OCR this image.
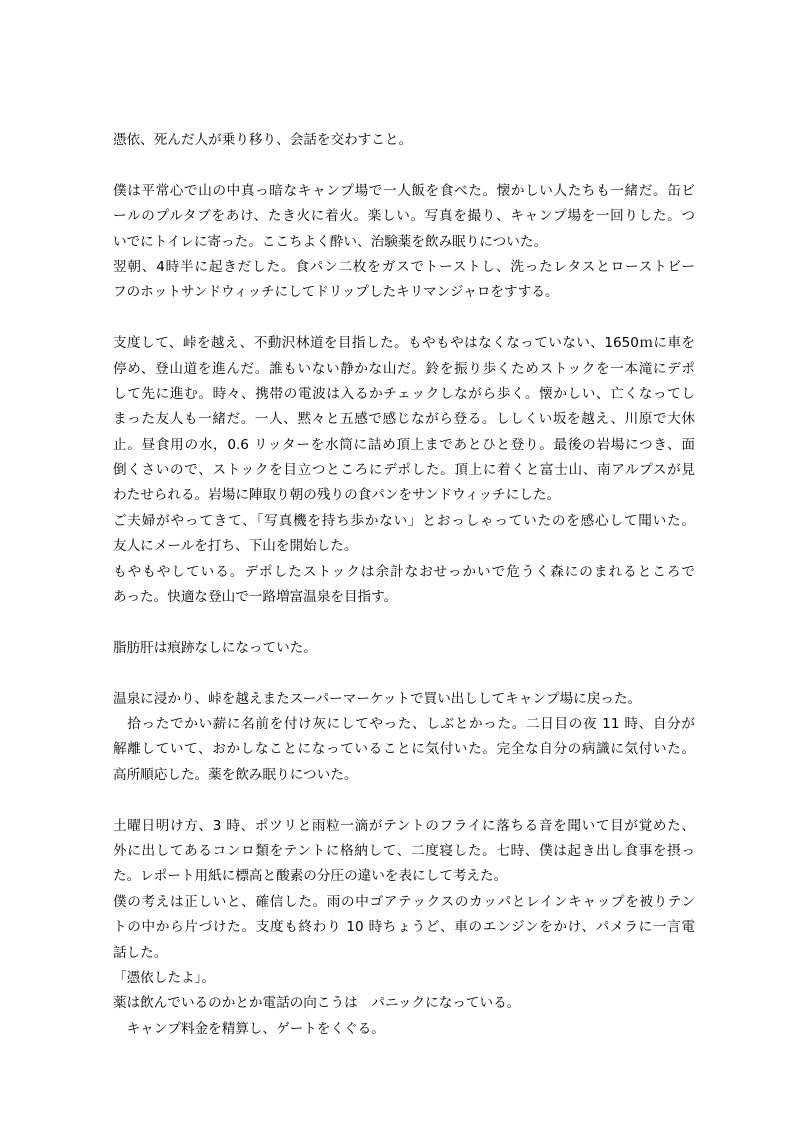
憑依、死んだ人が乗り移り、会話を交わすこと。
僕は平常心で山の中真っ暗なキャンプ場で一人飯を食べた。懐かしい人たちも一緒だ。缶ビ
ールのプルタブをあけ、たき火に着火。楽しい。写真を撮り、キャンプ場を一回りした。つ
いでにトイレに寄った。ここちよく酔い、治験薬を飲み眠りについた。
翌朝、4時半に起きだした。食パン二枚をガスでトーストし、洗ったレタスとローストビー
フのホットサンドウィッチにしてドリップしたキリマンジャロをすする。
支度して、峠を越え、不動沢林道を目指した。もやもやはなくなっていない、1650ｍに車を
停め、登山道を進んだ。誰もいない静かな山だ。鈴を振り歩くためストックを一本滝にデポ
して先に進む。時々、携帯の電波は入るかチェックしながら歩く。懐かしい、亡くなってし
まった友人も一緒だ。一人、黙々と五感で感じながら登る。ししくい坂を越え、川原で大休
止。昼食用の水，0.6 リッターを水筒に詰め頂上まであとひと登り。最後の岩場につき、面
倒くさいので、ストックを目立つところにデポした。頂上に着くと富士山、南アルプスが見
わたせられる。岩場に陣取り朝の残りの食パンをサンドウィッチにした。
ご夫婦がやってきて、「写真機を持ち歩かない」とおっしゃっていたのを感心して聞いた。
友人にメールを打ち、下山を開始した。
もやもやしている。デポしたストックは余計なおせっかいで危うく森にのまれるところで
あった。快適な登山で一路増富温泉を目指す。
脂肪肝は痕跡なしになっていた。
温泉に浸かり、峠を越えまたスーパーマーケットで買い出ししてキャンプ場に戻った。
　拾ったでかい薪に名前を付け灰にしてやった、しぶとかった。二日目の夜 11 時、自分が
解離していて、おかしなことになっていることに気付いた。完全な自分の病識に気付いた。
高所順応した。薬を飲み眠りについた。
土曜日明け方、3 時、ポツリと雨粒一滴がテントのフライに落ちる音を聞いて目が覚めた、
外に出してあるコンロ類をテントに格納して、二度寝した。七時、僕は起き出し食事を摂っ
た。レポート用紙に標高と酸素の分圧の違いを表にして考えた。
僕の考えは正しいと、確信した。雨の中ゴアテックスのカッパとレインキャップを被りテン
トの中から片づけた。支度も終わり 10 時ちょうど、車のエンジンをかけ、パメラに一言電
話した。
「憑依したよ」。
薬は飲んでいるのかとか電話の向こうは　パニックになっている。
　キャンプ料金を精算し、ゲートをくぐる。
